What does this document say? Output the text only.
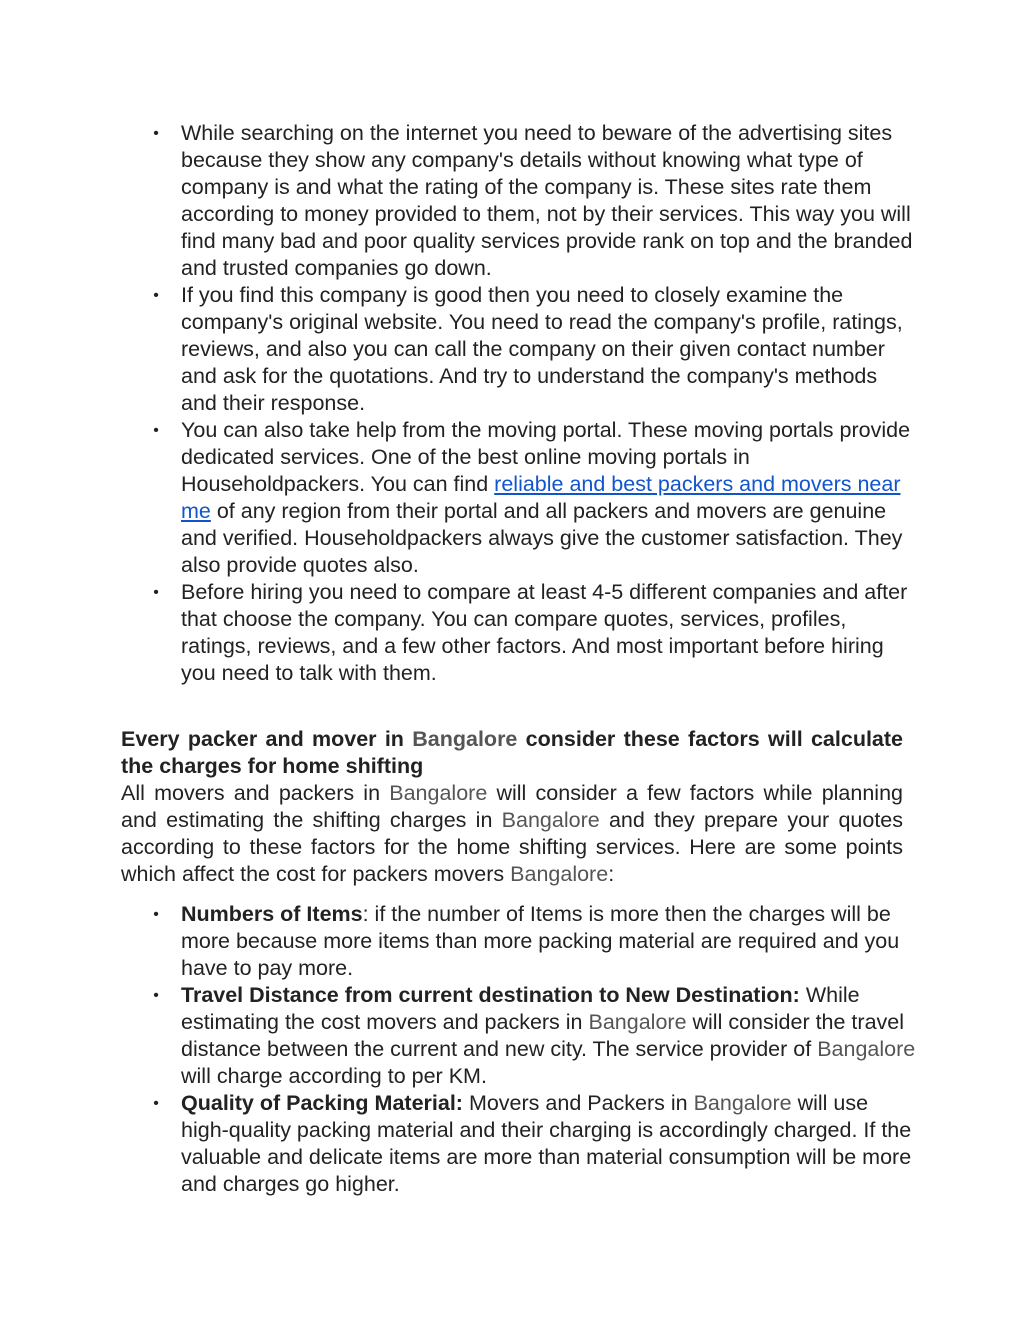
•	While searching on the internet you need to beware of the advertising sites because they show any company's details without knowing what type of company is and what the rating of the company is. These sites rate them according to money provided to them, not by their services. This way you will find many bad and poor quality services provide rank on top and the branded and trusted companies go down.
•	If you find this company is good then you need to closely examine the company's original website. You need to read the company's profile, ratings, reviews, and also you can call the company on their given contact number and ask for the quotations. And try to understand the company's methods and their response.
•	You can also take help from the moving portal. These moving portals provide dedicated services. One of the best online moving portals in Householdpackers. You can find reliable and best packers and movers near me of any region from their portal and all packers and movers are genuine and verified. Householdpackers always give the customer satisfaction. They also provide quotes also.
•	Before hiring you need to compare at least 4-5 different companies and after that choose the company. You can compare quotes, services, profiles, ratings, reviews, and a few other factors. And most important before hiring you need to talk with them.

Every packer and mover in Bangalore consider these factors will calculate the charges for home shifting

All movers and packers in Bangalore will consider a few factors while planning and estimating the shifting charges in Bangalore and they prepare your quotes according to these factors for the home shifting services. Here are some points which affect the cost for packers movers Bangalore:

•	Numbers of Items: if the number of Items is more then the charges will be more because more items than more packing material are required and you have to pay more.
•	Travel Distance from current destination to New Destination: While estimating the cost movers and packers in Bangalore will consider the travel distance between the current and new city. The service provider of Bangalore will charge according to per KM.
•	Quality of Packing Material: Movers and Packers in Bangalore will use high-quality packing material and their charging is accordingly charged. If the valuable and delicate items are more than material consumption will be more and charges go higher.
